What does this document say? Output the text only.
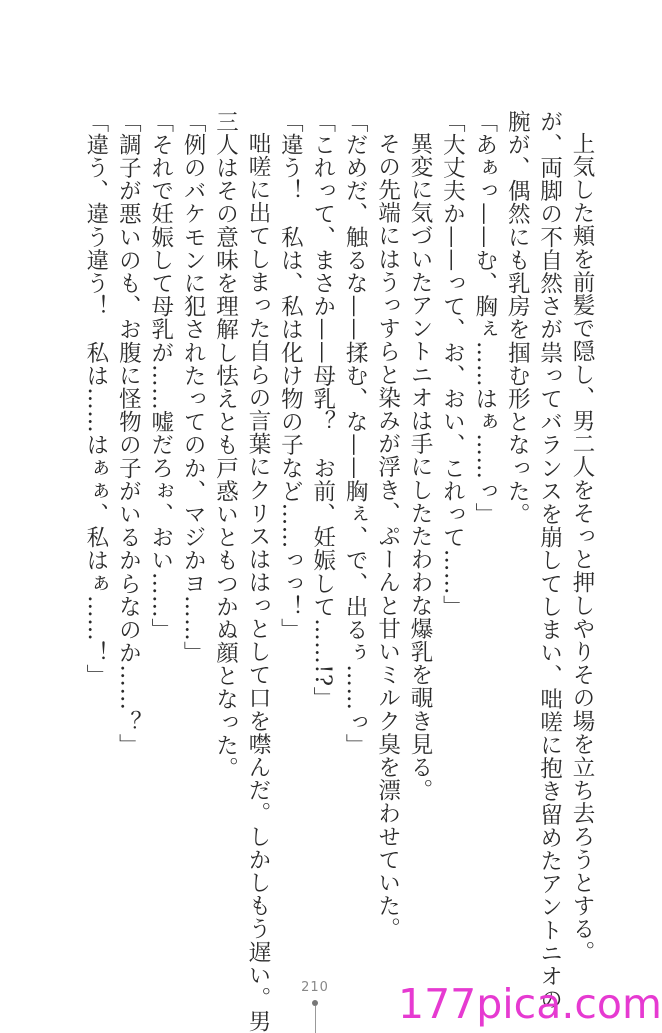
上気した頬を前髪で隠し、男二人をそっと押しやりその場を立ち去ろうとする。

が、両脚の不自然さが祟ってバランスを崩してしまい、咄嗟に抱き留めたアントニオの

腕が、偶然にも乳房を掴む形となった。

「あぁっ——む、胸ぇ……はぁ……っ」

「大丈夫か——って、お、おい、これって……」

異変に気づいたアントニオは手にしたたわわな爆乳を覗き見る。

その先端にはうっすらと染みが浮き、ぷーんと甘いミルク臭を漂わせていた。

「だめだ、触るな——揉む、な——胸ぇ、で、出るぅ……っ」

「これって、まさか——母乳？　お前、妊娠して……!?」

「違う！　私は、私は化け物の子など……っっ！」

咄嗟に出てしまった自らの言葉にクリスははっとして口を噤んだ。しかしもう遅い。男

三人はその意味を理解し怯えとも戸惑いともつかぬ顔となった。

「例のバケモンに犯されたってのか、マジかヨ……」

「それで妊娠して母乳が……嘘だろぉ、おい……」

「調子が悪いのも、お腹に怪物の子がいるからなのか……？」

「違う、違う違う！　私は……はぁぁ、私はぁ……！」

210 177pica.com
